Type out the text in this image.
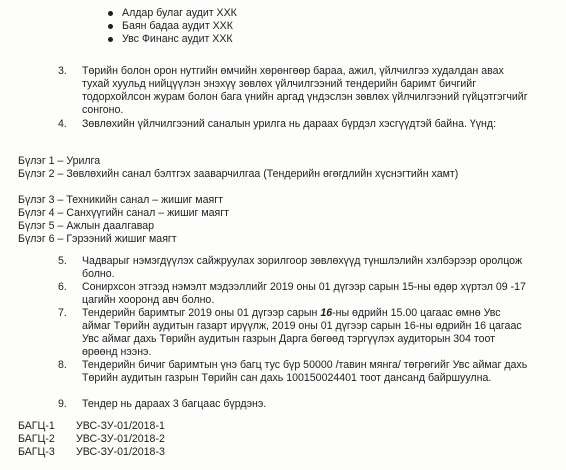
Алдар булаг аудит ХХК
Баян бадаа аудит ХХК
Увс Финанс аудит ХХК
3.	Төрийн болон орон нутгийн өмчийн хөрөнгөөр бараа, ажил, үйлчилгээ худалдан авах тухай хуульд нийцүүлэн энэхүү зөвлөх үйлчилгээний тендерийн баримт бичгийг тодорхойлсон журам болон бага үнийн аргад үндэслэн зөвлөх үйлчилгээний гүйцэтгэгчийг сонгоно.
4.	Зөвлөхийн үйлчилгээний саналын урилга нь дараах бүрдэл хэсгүүдтэй байна. Үүнд:
Бүлэг 1 – Урилга
Бүлэг 2 – Зөвлөхийн санал бэлтгэх зааварчилгаа (Тендерийн өгөгдлийн хүснэгтийн хамт)
Бүлэг 3 – Техникийн санал – жишиг маягт
Бүлэг 4 – Санхүүгийн санал – жишиг маягт
Бүлэг 5 – Ажлын даалгавар
Бүлэг 6 – Гэрээний жишиг маягт
5.	Чадварыг нэмэгдүүлэх сайжруулах зорилгоор зөвлөхүүд түншлэлийн хэлбэрээр оролцож болно.
6.	Сонирхсон этгээд нэмэлт мэдээллийг 2019 оны 01 дүгээр сарын 15-ны өдөр хүртэл 09 -17 цагийн хооронд авч болно.
7.	Тендерийн баримтыг 2019 оны 01 дүгээр сарын 16-ны өдрийн 15.00 цагаас өмнө Увс аймаг Төрийн аудитын газарт ирүүлж, 2019 оны 01 дүгээр сарын 16-ны өдрийн 16 цагаас Увс аймаг дахь Төрийн аудитын газрын Дарга бөгөөд тэргүүлэх аудиторын 304 тоот өрөөнд нээнэ.
8.	Тендерийн бичиг баримтын үнэ багц тус бүр 50000 /тавин мянга/ төгрөгийг Увс аймаг дахь Төрийн аудитын газрын Төрийн сан дахь 100150024401 тоот дансанд байршуулна.
9.	Тендер нь дараах 3 багцаас бүрдэнэ.
БАГЦ-1 УВС-ЗУ-01/2018-1
БАГЦ-2 УВС-ЗУ-01/2018-2
БАГЦ-3 УВС-ЗУ-01/2018-3
